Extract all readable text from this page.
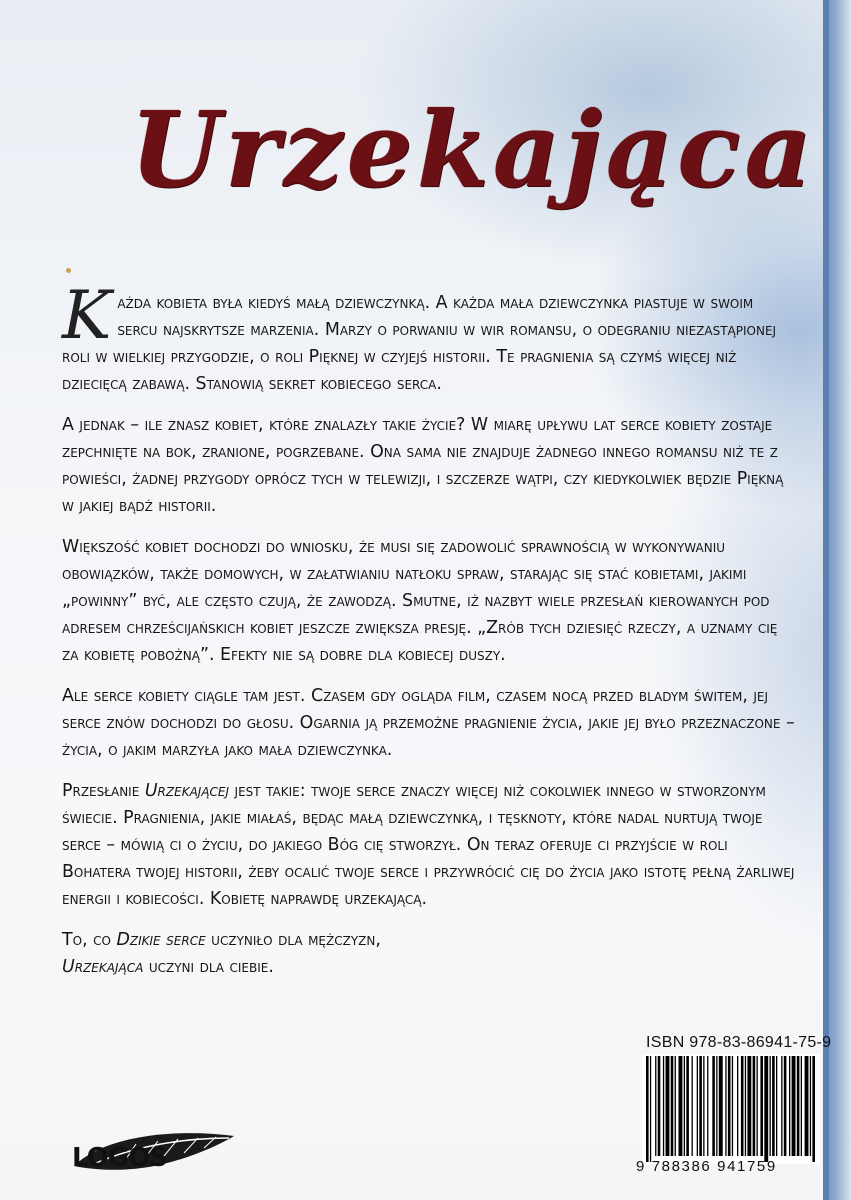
Urzekająca

Każda kobieta była kiedyś małą dziewczynką. A każda mała dziewczynka piastuje w swoim sercu najskrytsze marzenia. Marzy o porwaniu w wir romansu, o odegraniu niezastąpionej roli w wielkiej przygodzie, o roli Pięknej w czyjejś historii. Te pragnienia są czymś więcej niż dziecięcą zabawą. Stanowią sekret kobiecego serca.

A jednak – ile znasz kobiet, które znalazły takie życie? W miarę upływu lat serce kobiety zostaje zepchnięte na bok, zranione, pogrzebane. Ona sama nie znajduje żadnego innego romansu niż te z powieści, żadnej przygody oprócz tych w telewizji, i szczerze wątpi, czy kiedykolwiek będzie Piękną w jakiej bądź historii.

Większość kobiet dochodzi do wniosku, że musi się zadowolić sprawnością w wykonywaniu obowiązków, także domowych, w załatwianiu natłoku spraw, starając się stać kobietami, jakimi „powinny” być, ale często czują, że zawodzą. Smutne, iż nazbyt wiele przesłań kierowanych pod adresem chrześcijańskich kobiet jeszcze zwiększa presję. „Zrób tych dziesięć rzeczy, a uznamy cię za kobietę pobożną”. Efekty nie są dobre dla kobiecej duszy.

Ale serce kobiety ciągle tam jest. Czasem gdy ogląda film, czasem nocą przed bladym świtem, jej serce znów dochodzi do głosu. Ogarnia ją przemożne pragnienie życia, jakie jej było przeznaczone – życia, o jakim marzyła jako mała dziewczynka.

Przesłanie Urzekającej jest takie: twoje serce znaczy więcej niż cokolwiek innego w stworzonym świecie. Pragnienia, jakie miałaś, będąc małą dziewczynką, i tęsknoty, które nadal nurtują twoje serce – mówią ci o życiu, do jakiego Bóg cię stworzył. On teraz oferuje ci przyjście w roli Bohatera twojej historii, żeby ocalić twoje serce i przywrócić cię do życia jako istotę pełną żarliwej energii i kobiecości. Kobietę naprawdę urzekającą.

To, co Dzikie serce uczyniło dla mężczyzn,
Urzekająca uczyni dla ciebie.

ISBN 978-83-86941-75-9
9 788386 941759
LOGOS
